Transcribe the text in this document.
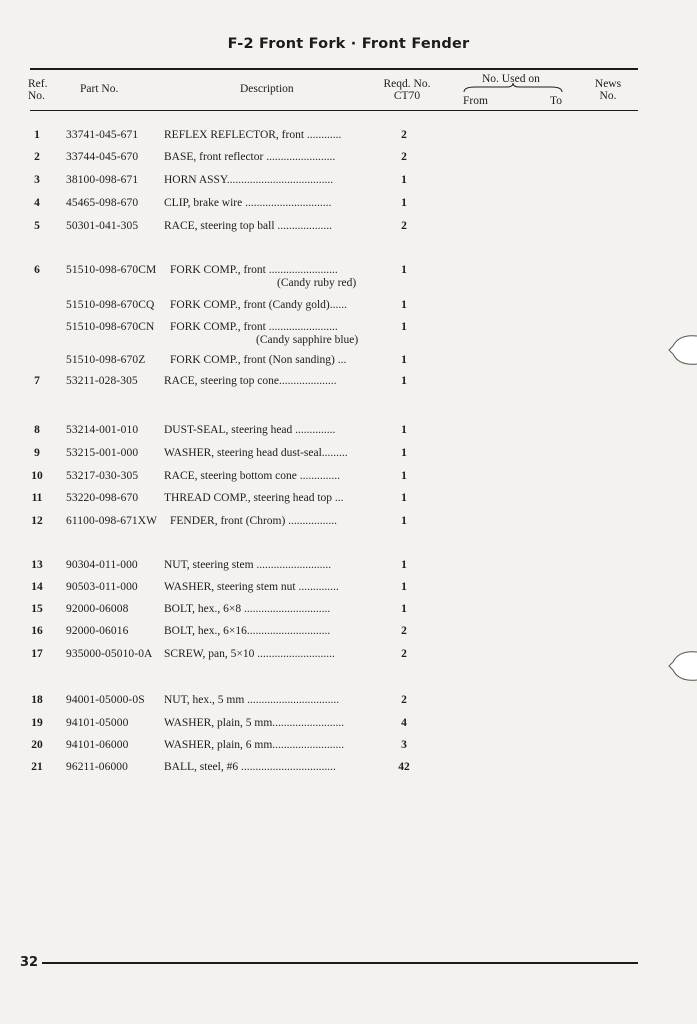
F-2 Front Fork · Front Fender
Ref.
No.
Part No.	Description	Reqd. No.
CT70
No. Used on
From	To
News
No.
1	33741-045-671 REFLEX REFLECTOR, front ............	2
2	33744-045-670 BASE, front reflector ........................	2
3	38100-098-671 HORN ASSY.....................................	1
4	45465-098-670 CLIP, brake wire ..............................	1
5	50301-041-305 RACE, steering top ball ...................	2
6	51510-098-670CM FORK COMP., front ........................	1
(Candy ruby red)
51510-098-670CQ FORK COMP., front (Candy gold)......	1
51510-098-670CN FORK COMP., front ........................	1
(Candy sapphire blue)
51510-098-670Z FORK COMP., front (Non sanding) ...	1
7	53211-028-305 RACE, steering top cone....................	1
8	53214-001-010 DUST-SEAL, steering head ..............	1
9	53215-001-000 WASHER, steering head dust-seal.........	1
10	53217-030-305 RACE, steering bottom cone ..............	1
11	53220-098-670 THREAD COMP., steering head top ...	1
12	61100-098-671XW FENDER, front (Chrom) .................	1
13	90304-011-000 NUT, steering stem ..........................	1
14	90503-011-000 WASHER, steering stem nut ..............	1
15	92000-06008	BOLT, hex., 6×8 ..............................	1
16	92000-06016	BOLT, hex., 6×16.............................	2
17	935000-05010-0A SCREW, pan, 5×10 ...........................	2
18	94001-05000-0S NUT, hex., 5 mm ................................	2
19	94101-05000	WASHER, plain, 5 mm.........................	4
20	94101-06000	WASHER, plain, 6 mm.........................	3
21	96211-06000	BALL, steel, #6 .................................	42
32
